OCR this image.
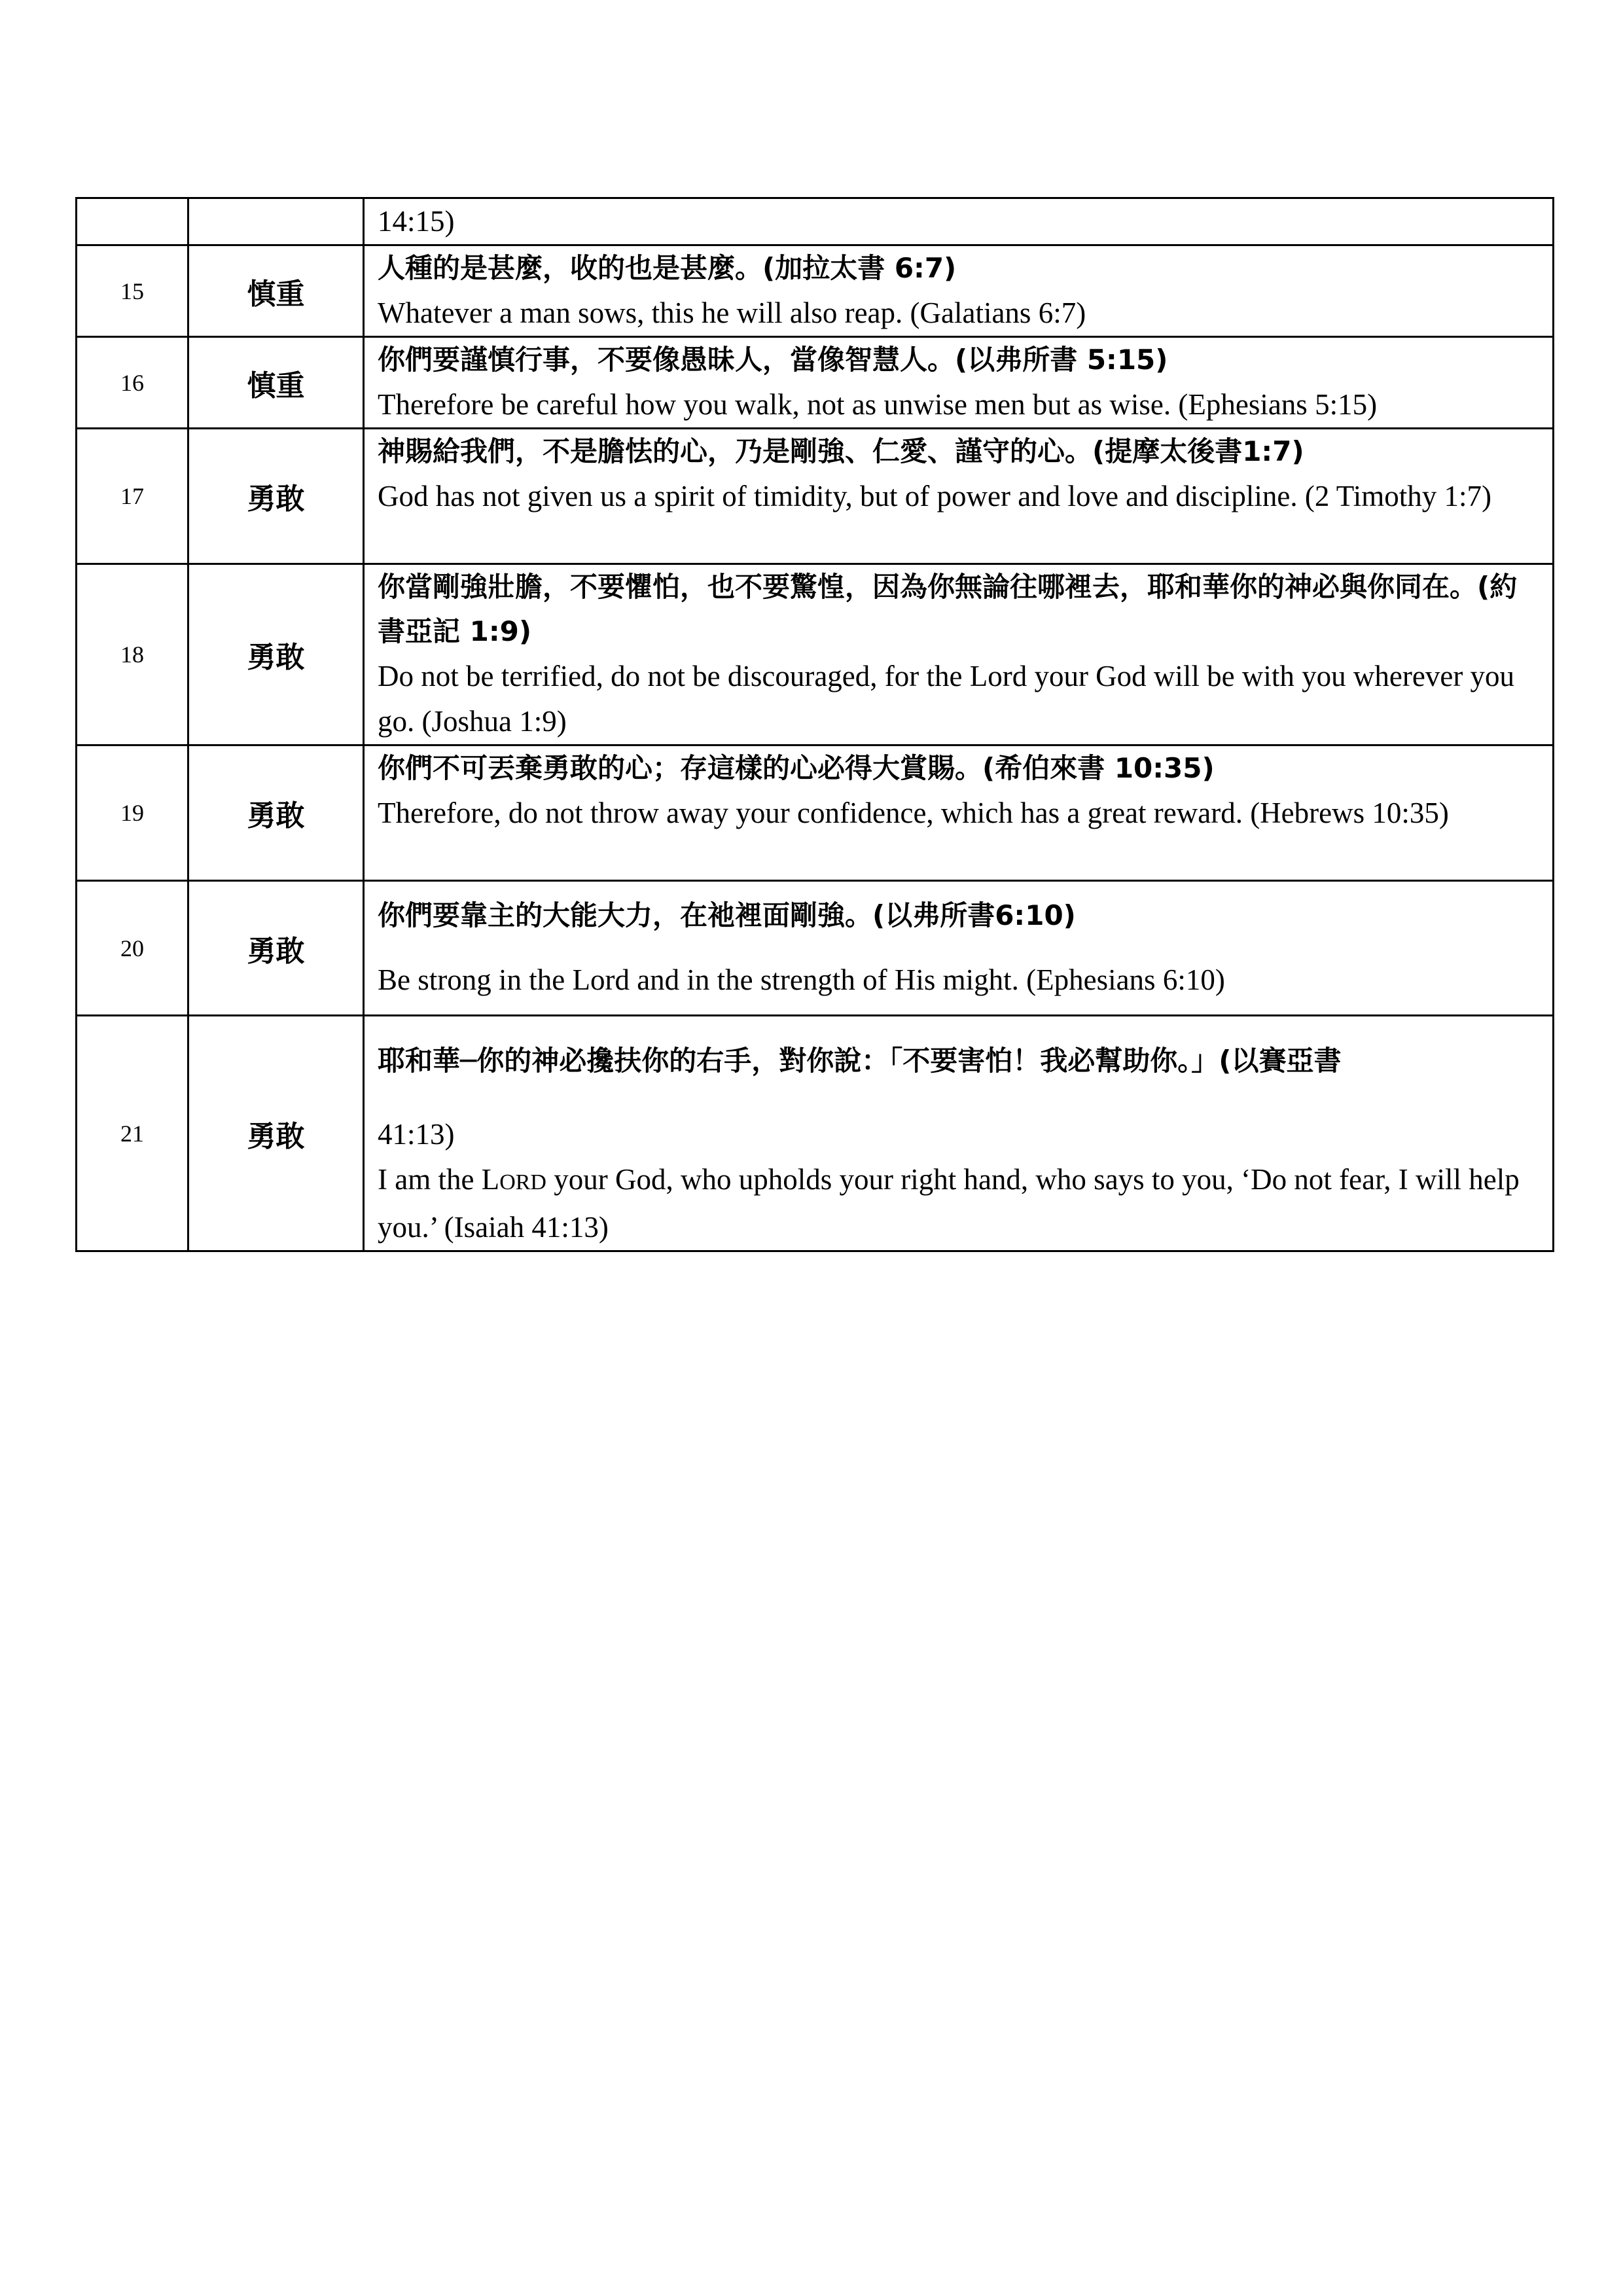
		14:15)

15	慎重	人種的是甚麼，收的也是甚麼。(加拉太書 6:7)
Whatever a man sows, this he will also reap. (Galatians 6:7)

16	慎重	你們要謹慎行事，不要像愚昧人，當像智慧人。(以弗所書 5:15)
Therefore be careful how you walk, not as unwise men but as wise. (Ephesians 5:15)

17	勇敢	神賜給我們，不是膽怯的心，乃是剛強、仁愛、謹守的心。(提摩太後書1:7)
God has not given us a spirit of timidity, but of power and love and discipline. (2 Timothy 1:7)

18	勇敢	你當剛強壯膽，不要懼怕，也不要驚惶，因為你無論往哪裡去，耶和華你的神必與你同在。(約書亞記 1:9)
Do not be terrified, do not be discouraged, for the Lord your God will be with you wherever you go. (Joshua 1:9)

19	勇敢	你們不可丟棄勇敢的心；存這樣的心必得大賞賜。(希伯來書 10:35)
Therefore, do not throw away your confidence, which has a great reward. (Hebrews 10:35)

20	勇敢	你們要靠主的大能大力，在祂裡面剛強。(以弗所書6:10)
Be strong in the Lord and in the strength of His might. (Ephesians 6:10)

21	勇敢	耶和華─你的神必攙扶你的右手，對你說：「不要害怕！我必幫助你。」(以賽亞書
41:13)
I am the LORD your God, who upholds your right hand, who says to you, ‘Do not fear, I will help you.’ (Isaiah 41:13)
